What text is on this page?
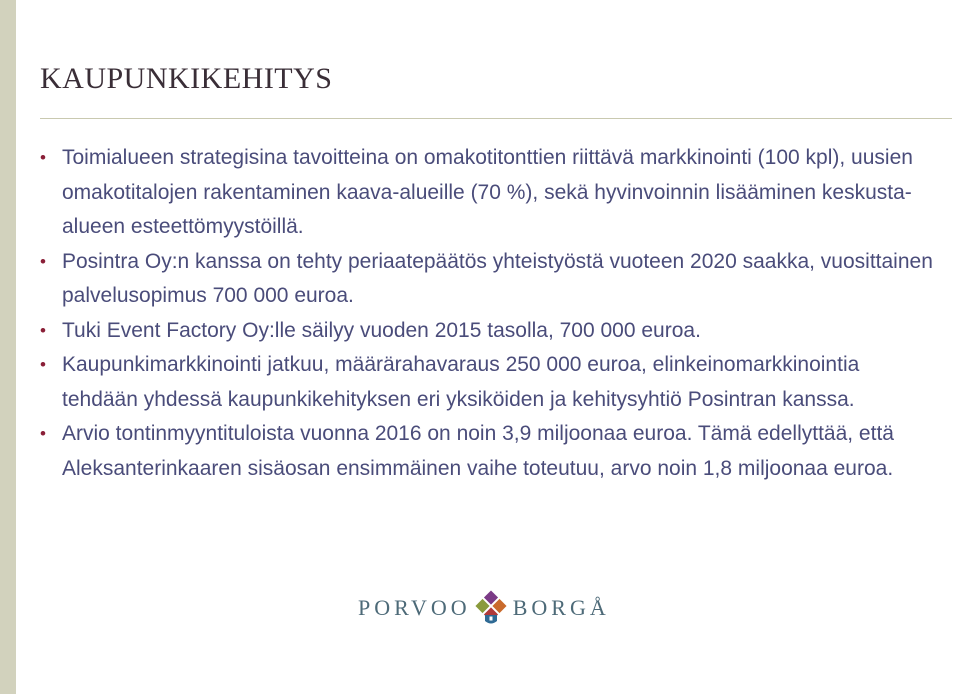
KAUPUNKIKEHITYS
• Toimialueen strategisina tavoitteina on omakotitonttien riittävä markkinointi (100 kpl), uusien omakotitalojen rakentaminen kaava-alueille (70 %), sekä hyvinvoinnin lisääminen keskusta-alueen esteettömyystöillä.
• Posintra Oy:n kanssa on tehty periaatepäätös yhteistyöstä vuoteen 2020 saakka, vuosittainen palvelusopimus 700 000 euroa.
• Tuki Event Factory Oy:lle säilyy vuoden 2015 tasolla, 700 000 euroa.
• Kaupunkimarkkinointi jatkuu, määrärahavaraus 250 000 euroa, elinkeinomarkkinointia tehdään yhdessä kaupunkikehityksen eri yksiköiden ja kehitysyhtiö Posintran kanssa.
• Arvio tontinmyyntituloista vuonna 2016 on noin 3,9 miljoonaa euroa. Tämä edellyttää, että Aleksanterinkaaren sisäosan ensimmäinen vaihe toteutuu, arvo noin 1,8 miljoonaa euroa.
PORVOO BORGÅ
11
